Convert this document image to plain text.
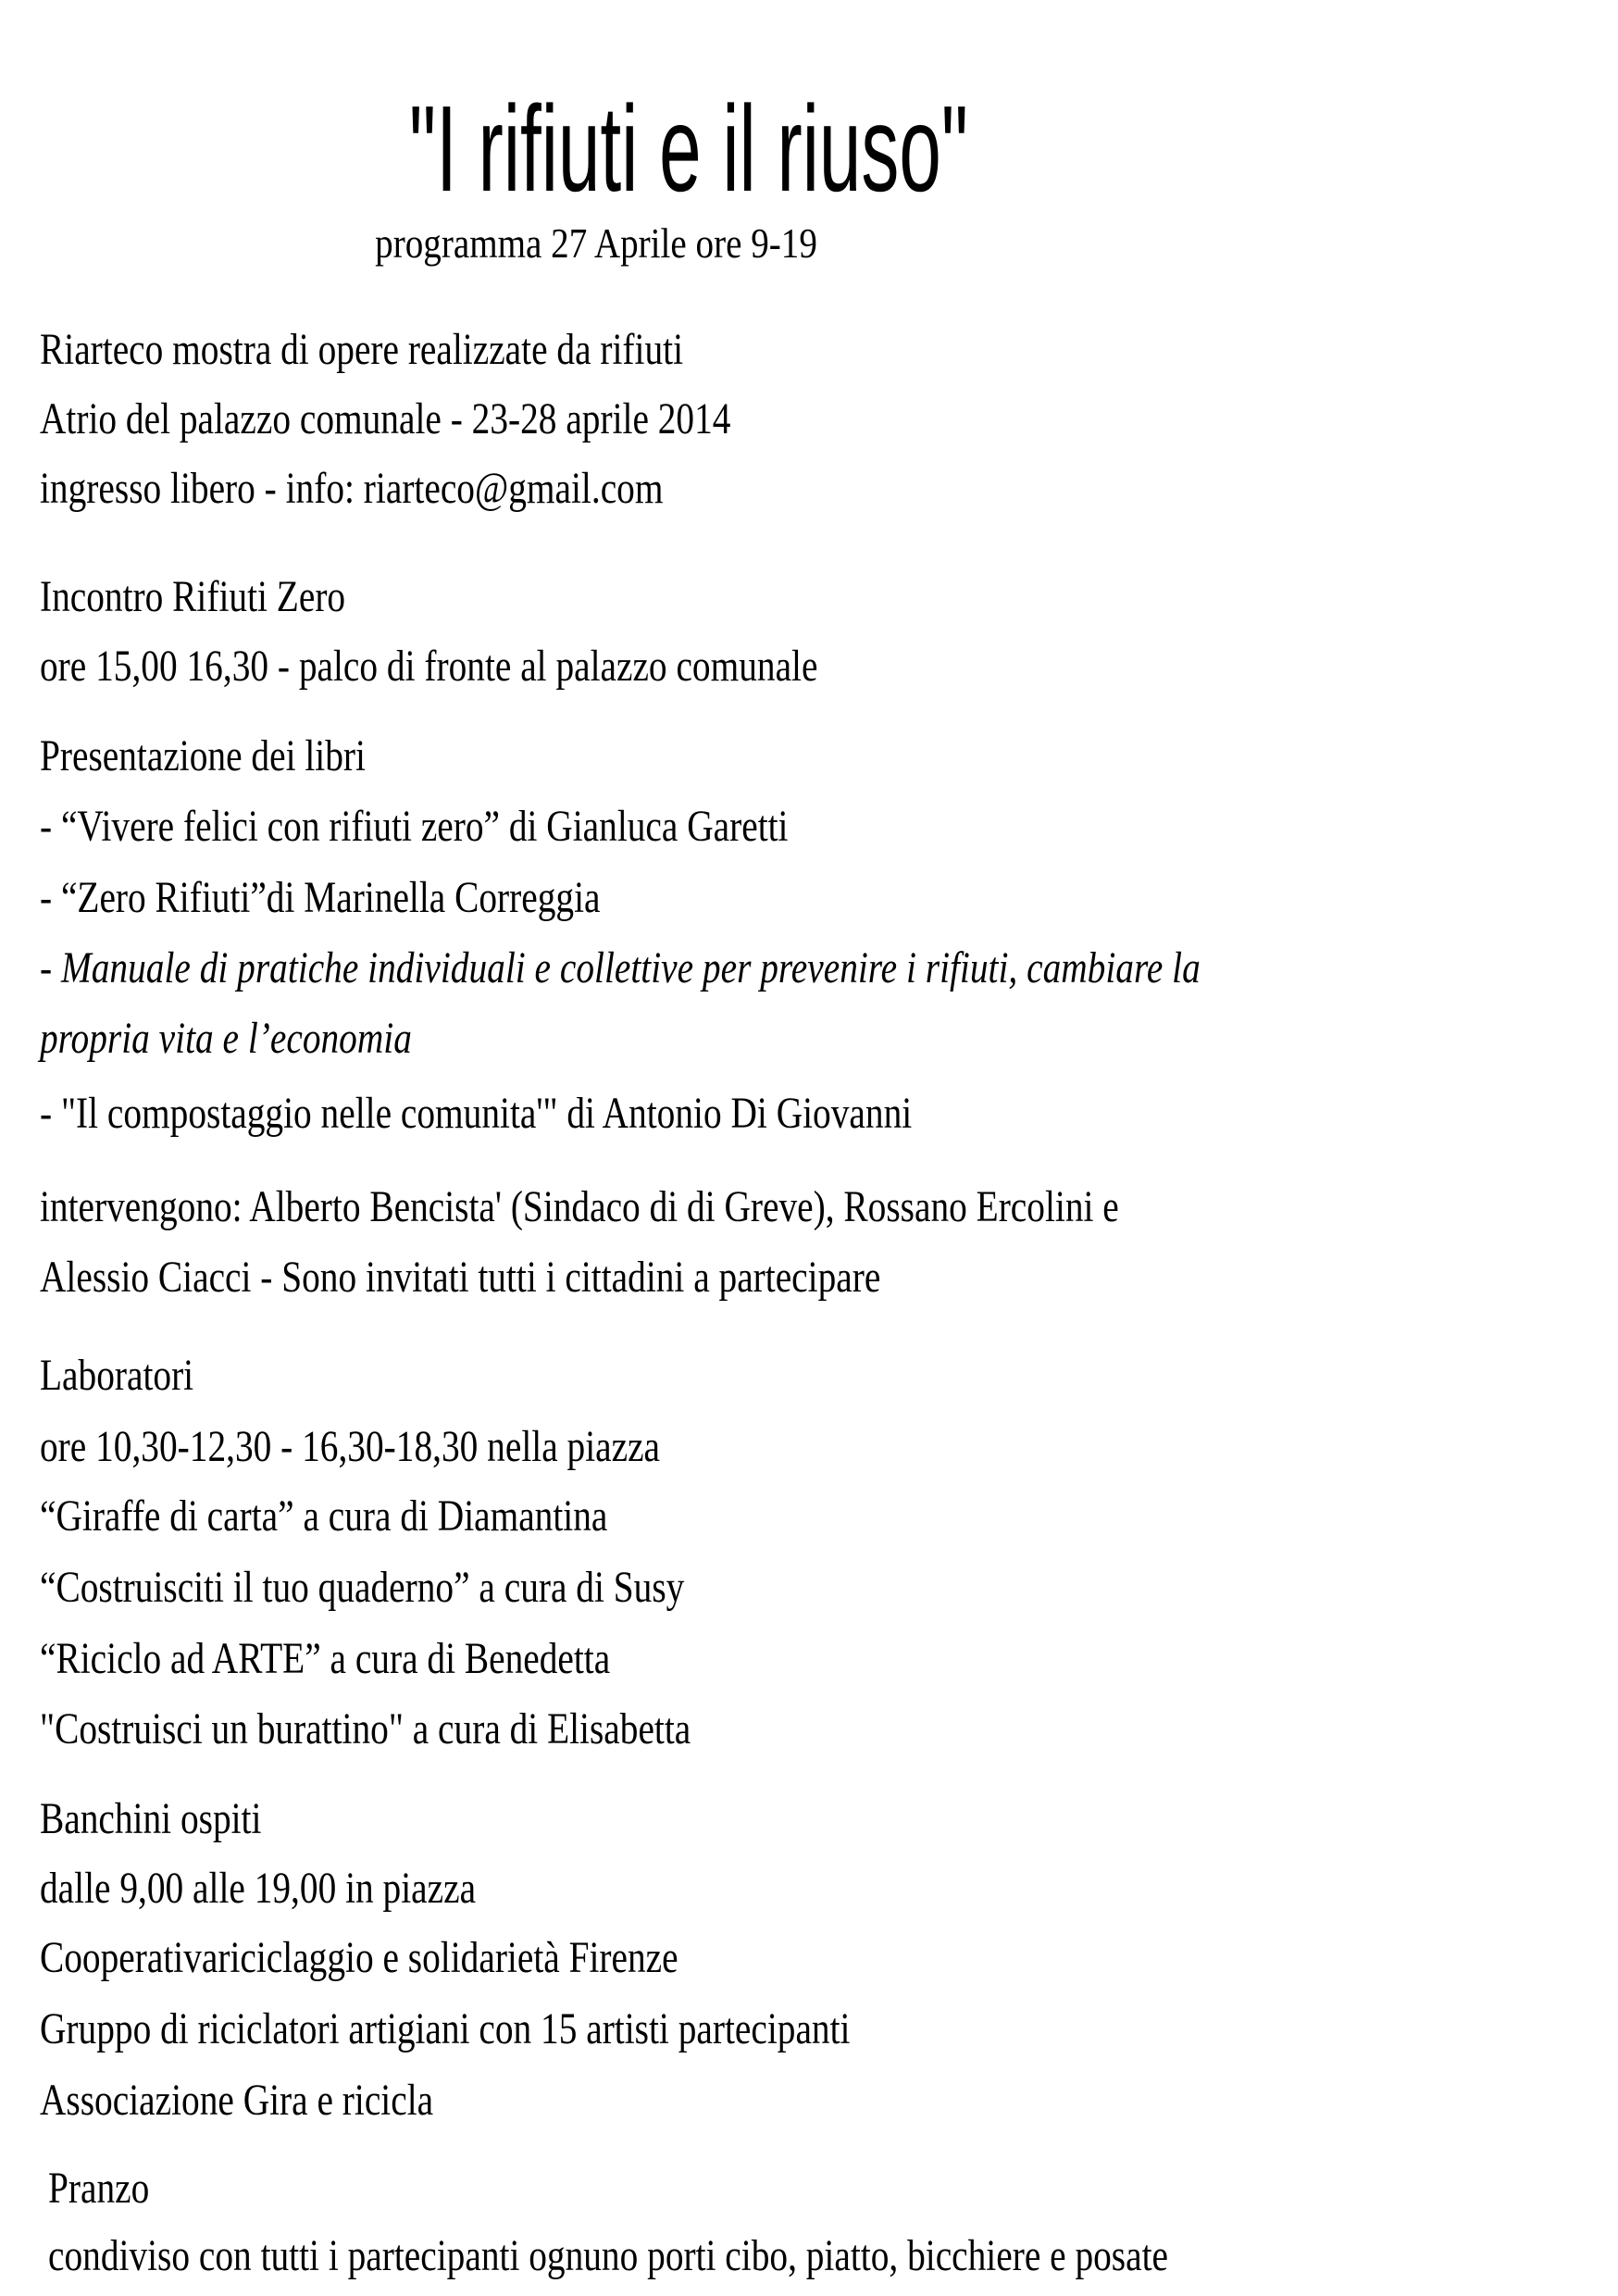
"I rifiuti e il riuso"
programma 27 Aprile ore 9-19
Riarteco mostra di opere realizzate da rifiuti
Atrio del palazzo comunale - 23-28 aprile 2014
ingresso libero - info: riarteco@gmail.com
Incontro Rifiuti Zero
ore 15,00 16,30 - palco di fronte al palazzo comunale
Presentazione dei libri
- “Vivere felici con rifiuti zero” di Gianluca Garetti
- “Zero Rifiuti”di Marinella Correggia
- Manuale di pratiche individuali e collettive per prevenire i rifiuti, cambiare la
propria vita e l’economia
- "Il compostaggio nelle comunita'" di Antonio Di Giovanni
intervengono: Alberto Bencista' (Sindaco di di Greve), Rossano Ercolini e
Alessio Ciacci - Sono invitati tutti i cittadini a partecipare
Laboratori
ore 10,30-12,30 - 16,30-18,30 nella piazza
“Giraffe di carta” a cura di Diamantina
“Costruisciti il tuo quaderno” a cura di Susy
“Riciclo ad ARTE” a cura di Benedetta
"Costruisci un burattino" a cura di Elisabetta
Banchini ospiti
dalle 9,00 alle 19,00 in piazza
Cooperativariciclaggio e solidarietà Firenze
Gruppo di riciclatori artigiani con 15 artisti partecipanti
Associazione Gira e ricicla
Pranzo
condiviso con tutti i partecipanti ognuno porti cibo, piatto, bicchiere e posate
